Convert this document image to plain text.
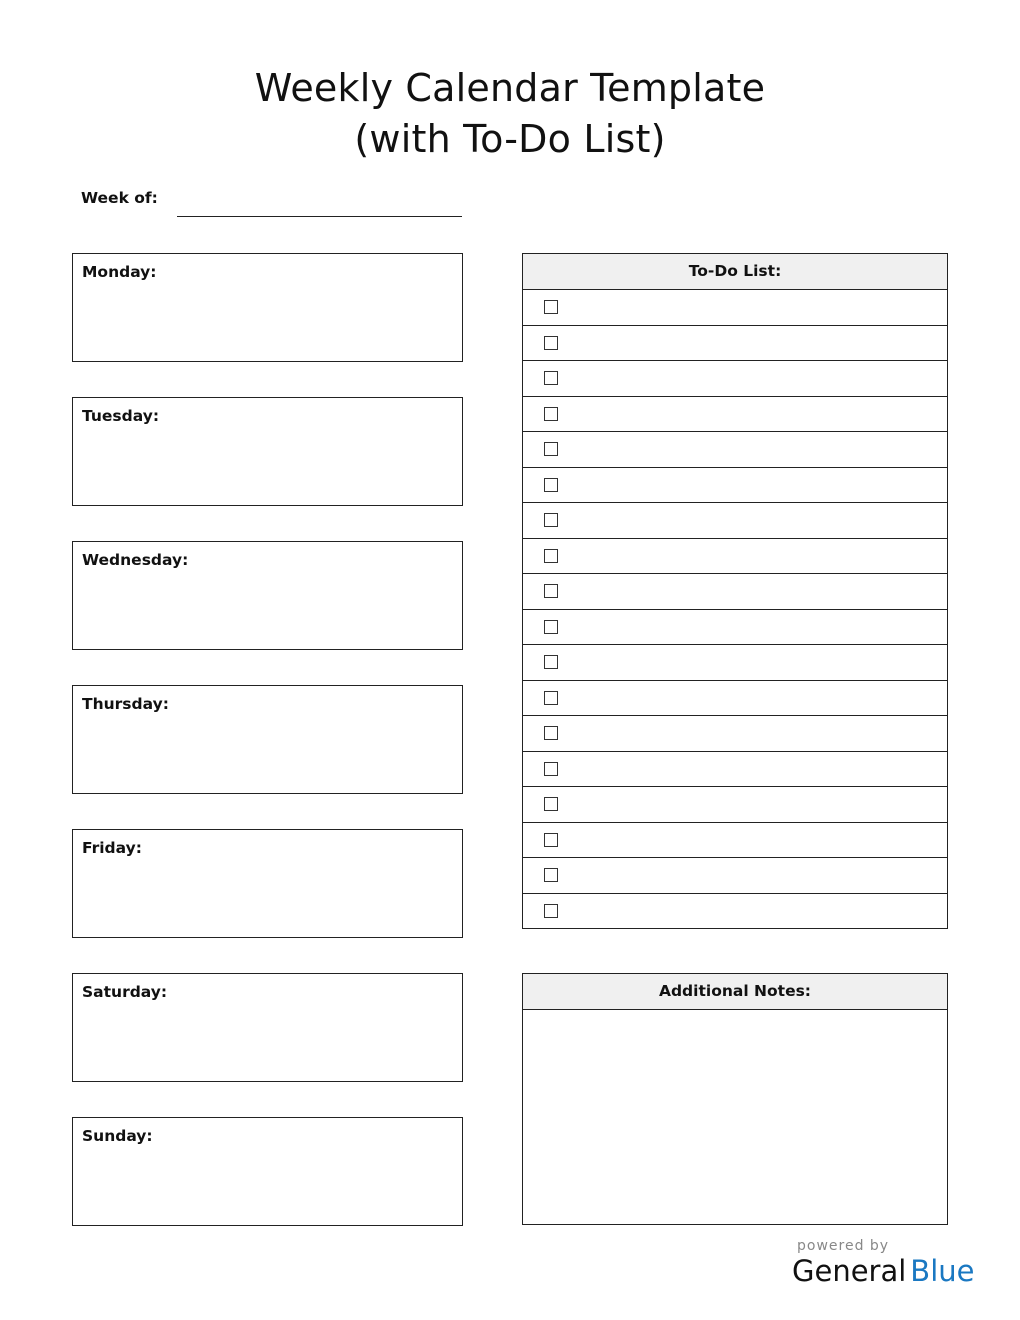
Weekly Calendar Template
(with To-Do List)
Week of:
Monday:
Tuesday:
Wednesday:
Thursday:
Friday:
Saturday:
Sunday:
To-Do List:
Additional Notes:
powered by
General Blue
